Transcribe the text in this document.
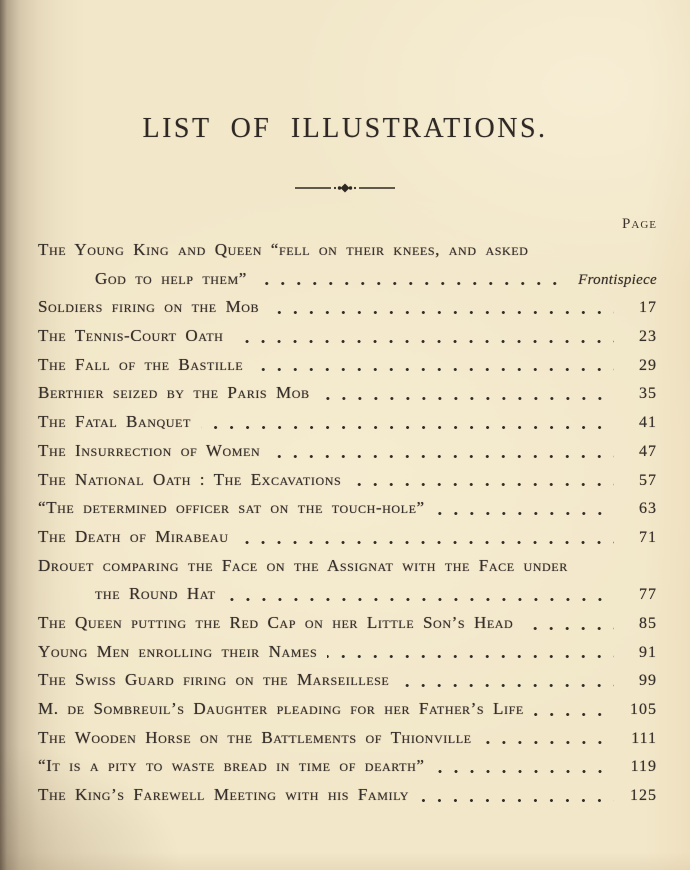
LIST OF ILLUSTRATIONS.
Page
The Young King and Queen “fell on their knees, and asked
God to help them”	Frontispiece
Soldiers firing on the Mob	17
The Tennis-Court Oath	23
The Fall of the Bastille	29
Berthier seized by the Paris Mob	35
The Fatal Banquet	41
The Insurrection of Women	47
The National Oath : The Excavations	57
“The determined officer sat on the touch-hole”	63
The Death of Mirabeau	71
Drouet comparing the Face on the Assignat with the Face under
the Round Hat	77
The Queen putting the Red Cap on her Little Son’s Head	85
Young Men enrolling their Names	91
The Swiss Guard firing on the Marseillese	99
M. de Sombreuil’s Daughter pleading for her Father’s Life	105
The Wooden Horse on the Battlements of Thionville	111
“It is a pity to waste bread in time of dearth”	119
The King’s Farewell Meeting with his Family	125
